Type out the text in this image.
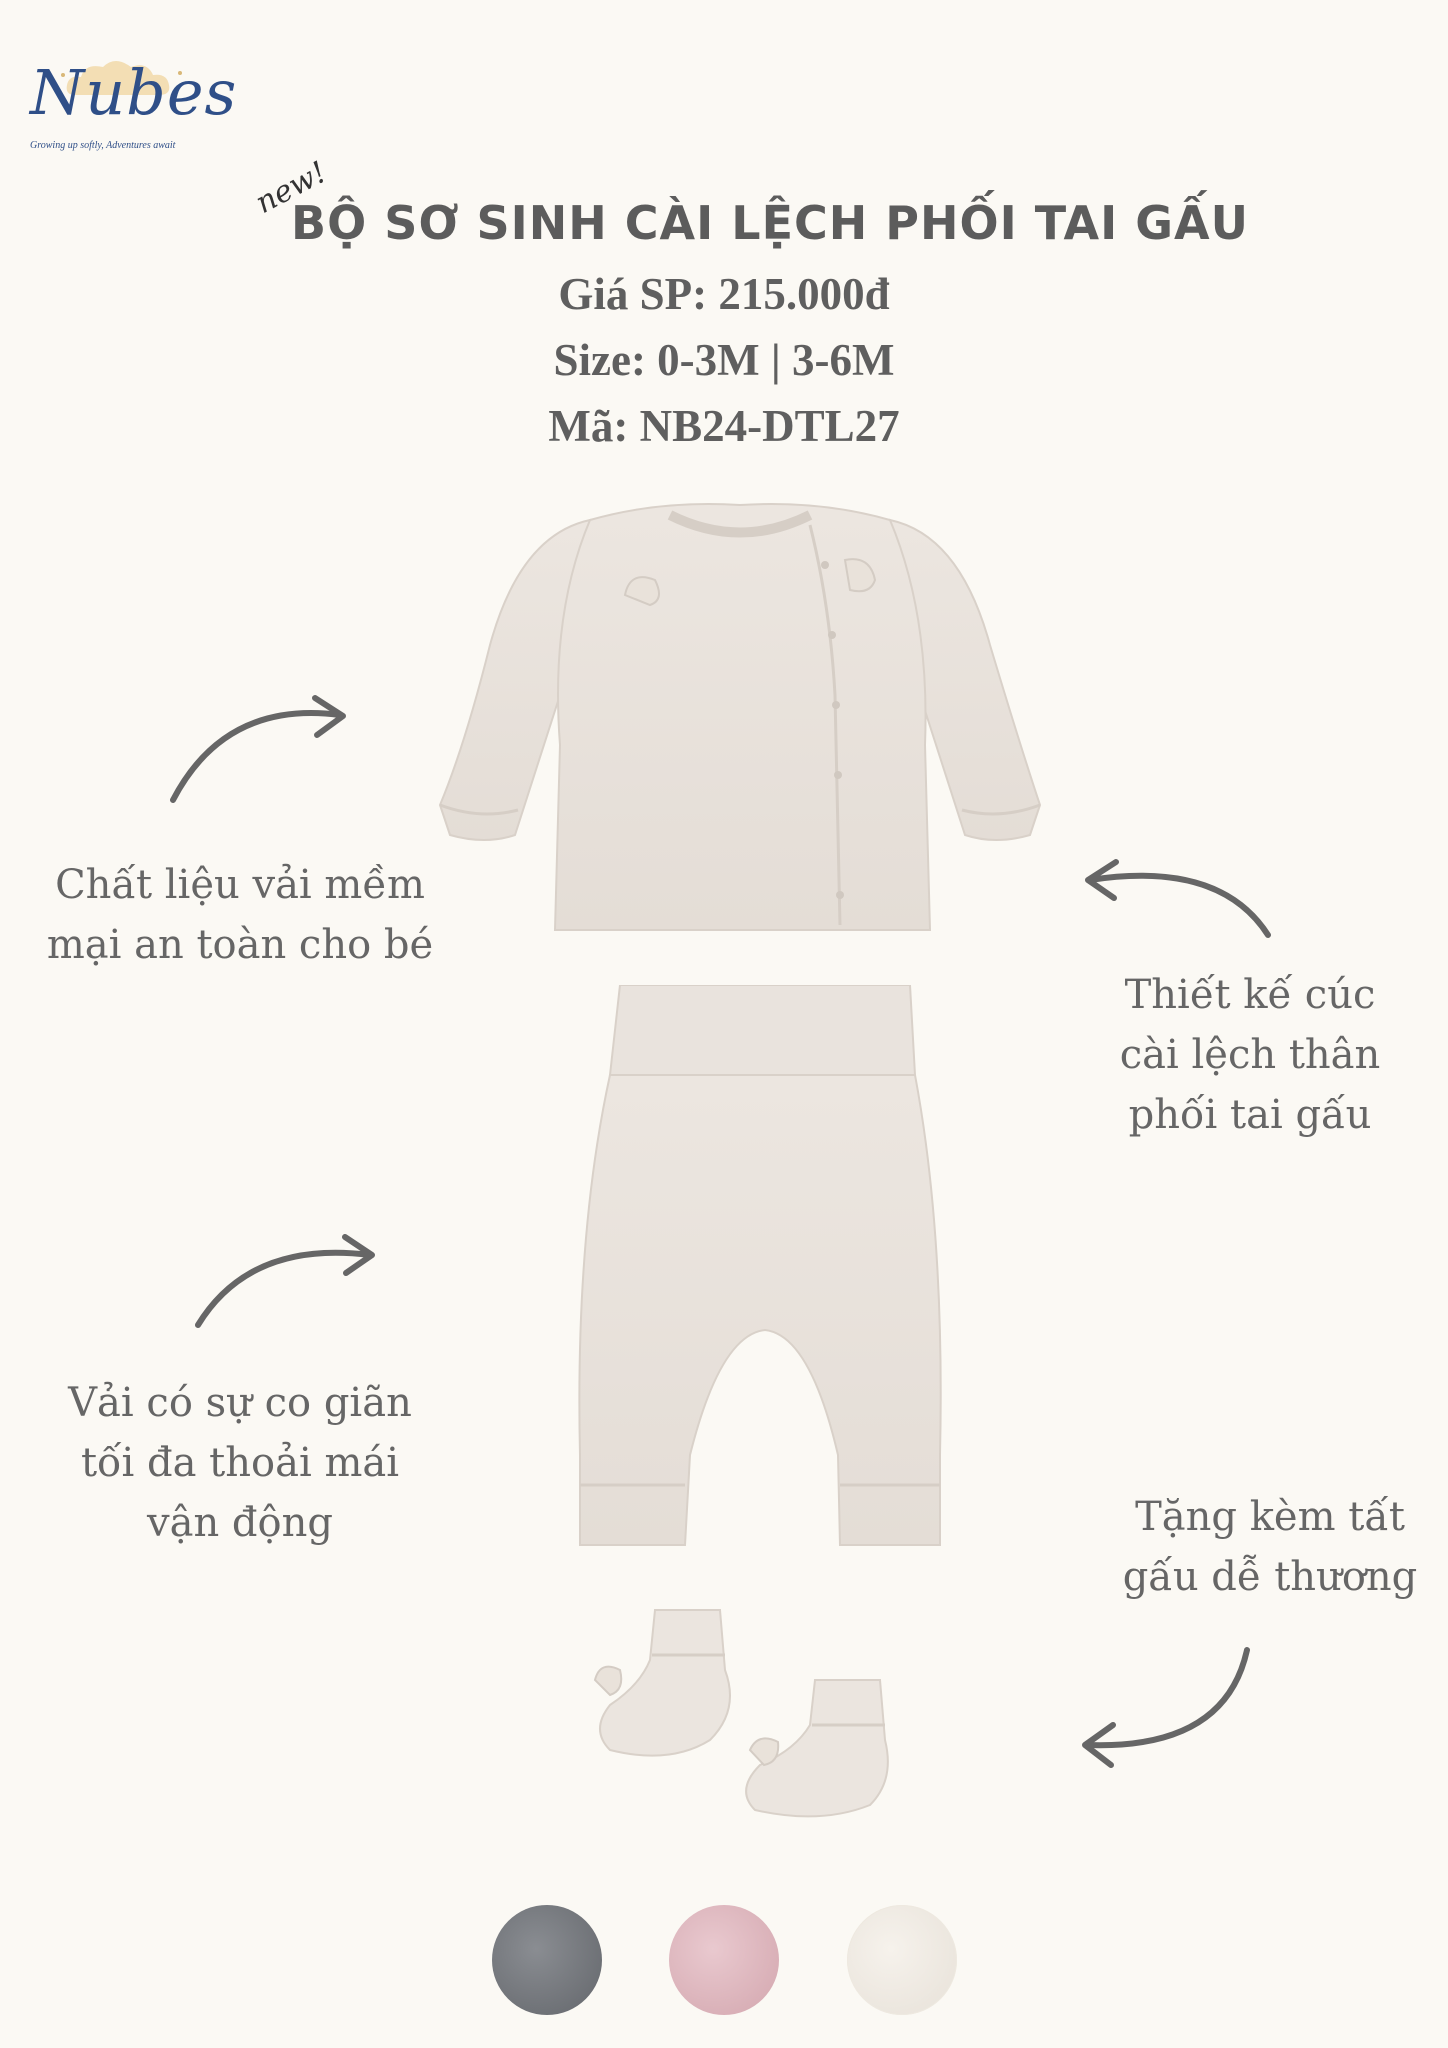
Nubes
Growing up softly, Adventures await
new!
BỘ SƠ SINH CÀI LỆCH PHỐI TAI GẤU
Giá SP: 215.000đ
Size: 0-3M | 3-6M
Mã: NB24-DTL27
Chất liệu vải mềm mại an toàn cho bé
Thiết kế cúc cài lệch thân phối tai gấu
Vải có sự co giãn tối đa thoải mái vận động	Tặng kèm tất gấu dễ thương
